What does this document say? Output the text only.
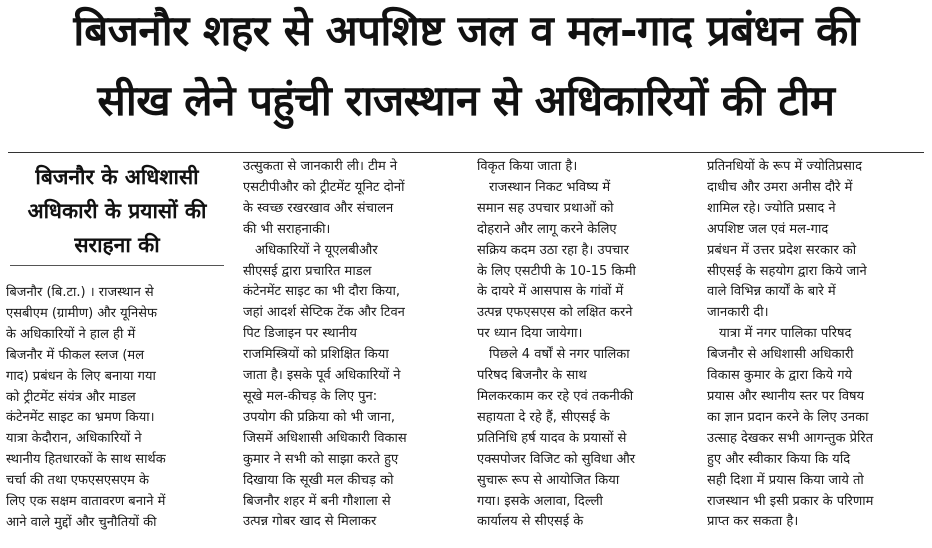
बिजनौर शहर से अपशिष्ट जल व मल-गाद प्रबंधन की
सीख लेने पहुंची राजस्थान से अधिकारियों की टीम
बिजनौर के अधिशासी
अधिकारी के प्रयासों की
सराहना की
बिजनौर (बि.टा.) । राजस्थान से
एसबीएम (ग्रामीण) और यूनिसेफ
के अधिकारियों ने हाल ही में
बिजनौर में फीकल स्लज (मल
गाद) प्रबंधन के लिए बनाया गया
को ट्रीटमेंट संयंत्र और माडल
कंटेनमेंट साइट का भ्रमण किया।
यात्रा केदौरान, अधिकारियों ने
स्थानीय हितधारकों के साथ सार्थक
चर्चा की तथा एफएसएसएम के
लिए एक सक्षम वातावरण बनाने में
आने वाले मुद्दों और चुनौतियों की
उत्सुकता से जानकारी ली। टीम ने
एसटीपीऔर को ट्रीटमेंट यूनिट दोनों
के स्वच्छ रखरखाव और संचालन
की भी सराहनाकी।
अधिकारियों ने यूएलबीऔर
सीएसई द्वारा प्रचारित माडल
कंटेनमेंट साइट का भी दौरा किया,
जहां आदर्श सेप्टिक टेंक और टिवन
पिट डिजाइन पर स्थानीय
राजमिस्त्रियों को प्रशिक्षित किया
जाता है। इसके पूर्व अधिकारियों ने
सूखे मल-कीचड़ के लिए पुन:
उपयोग की प्रक्रिया को भी जाना,
जिसमें अधिशासी अधिकारी विकास
कुमार ने सभी को साझा करते हुए
दिखाया कि सूखी मल कीचड़ को
बिजनौर शहर में बनी गौशाला से
उत्पन्न गोबर खाद से मिलाकर
विकृत किया जाता है।
राजस्थान निकट भविष्य में
समान सह उपचार प्रथाओं को
दोहराने और लागू करने केलिए
सक्रिय कदम उठा रहा है। उपचार
के लिए एसटीपी के 10-15 किमी
के दायरे में आसपास के गांवों में
उत्पन्न एफएसएस को लक्षित करने
पर ध्यान दिया जायेगा।
पिछले 4 वर्षों से नगर पालिका
परिषद बिजनौर के साथ
मिलकरकाम कर रहे एवं तकनीकी
सहायता दे रहे हैं, सीएसई के
प्रतिनिधि हर्ष यादव के प्रयासों से
एक्सपोजर विजिट को सुविधा और
सुचारू रूप से आयोजित किया
गया। इसके अलावा, दिल्ली
कार्यालय से सीएसई के
प्रतिनधियों के रूप में ज्योतिप्रसाद
दाधीच और उमरा अनीस दौरे में
शामिल रहे। ज्योति प्रसाद ने
अपशिष्ट जल एवं मल-गाद
प्रबंधन में उत्तर प्रदेश सरकार को
सीएसई के सहयोग द्वारा किये जाने
वाले विभिन्न कार्यों के बारे में
जानकारी दी।
यात्रा में नगर पालिका परिषद
बिजनौर से अधिशासी अधिकारी
विकास कुमार के द्वारा किये गये
प्रयास और स्थानीय स्तर पर विषय
का ज्ञान प्रदान करने के लिए उनका
उत्साह देखकर सभी आगन्तुक प्रेरित
हुए और स्वीकार किया कि यदि
सही दिशा में प्रयास किया जाये तो
राजस्थान भी इसी प्रकार के परिणाम
प्राप्त कर सकता है।
